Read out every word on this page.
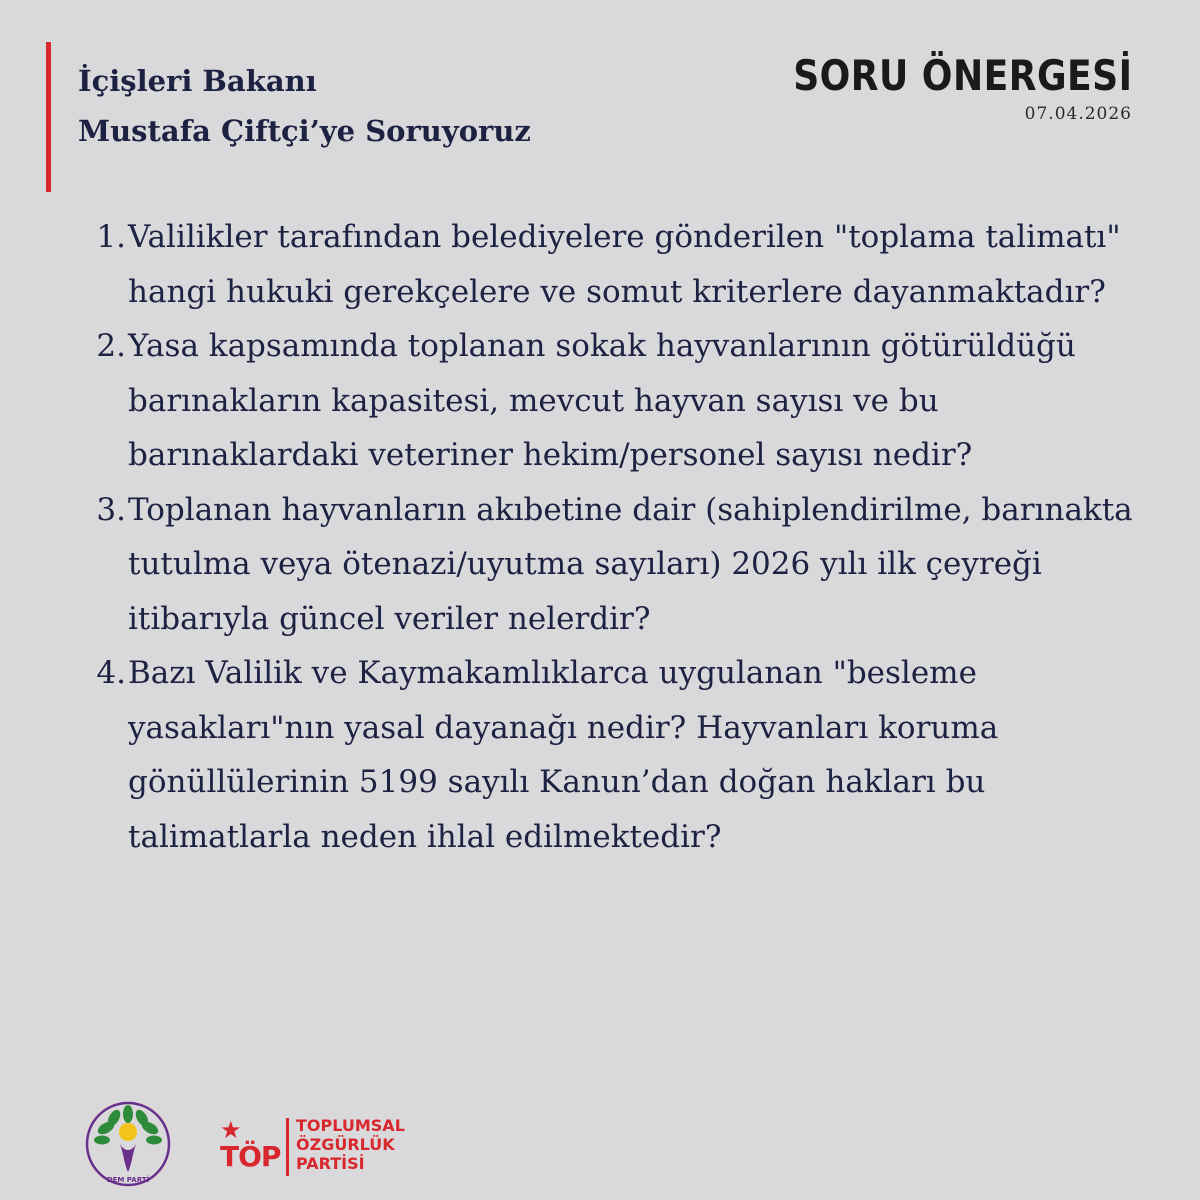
İçişleri Bakanı
Mustafa Çiftçi’ye Soruyoruz
SORU ÖNERGESİ
07.04.2026
1. Valilikler tarafından belediyelere gönderilen "toplama talimatı" hangi hukuki gerekçelere ve somut kriterlere dayanmaktadır?
2. Yasa kapsamında toplanan sokak hayvanlarının götürüldüğü barınakların kapasitesi, mevcut hayvan sayısı ve bu barınaklardaki veteriner hekim/personel sayısı nedir?
3. Toplanan hayvanların akıbetine dair (sahiplendirilme, barınakta tutulma veya ötenazi/uyutma sayıları) 2026 yılı ilk çeyreği itibarıyla güncel veriler nelerdir?
4. Bazı Valilik ve Kaymakamlıklarca uygulanan "besleme yasakları"nın yasal dayanağı nedir? Hayvanları koruma gönüllülerinin 5199 sayılı Kanun’dan doğan hakları bu talimatlarla neden ihlal edilmektedir?
DEM PARTİ
★
TÖP
TOPLUMSAL
ÖZGÜRLÜK
PARTİSİ
